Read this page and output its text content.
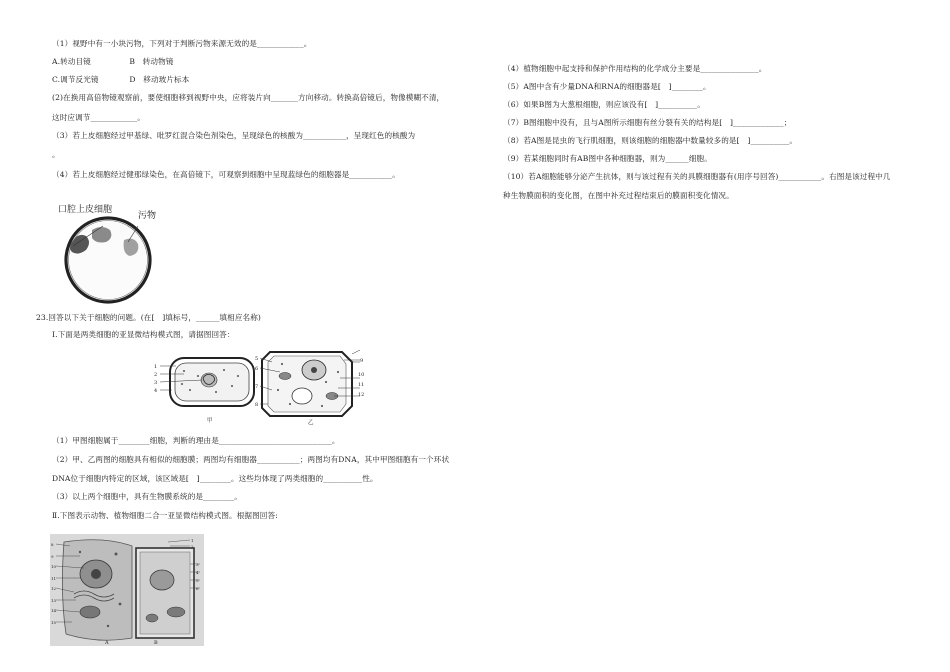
（1）视野中有一小块污物，下列对于判断污物来源无效的是____________。
A.转动目镜　　　　　B　转动物镜
C.调节反光镜　　　　D　移动玻片标本
(2)在换用高倍物镜观察前，要使细胞移到视野中央，应将装片向_______方向移动。转换高倍镜后，物像模糊不清，
这时应调节____________。
（3）若上皮细胞经过甲基绿、吡罗红混合染色剂染色，呈现绿色的核酸为___________，呈现红色的核酸为
。
（4）若上皮细胞经过健那绿染色，在高倍镜下，可观察到细胞中呈现蓝绿色的细胞器是___________。
口腔上皮细胞
污物
23.回答以下关于细胞的问题。(在[　]填标号，______填相应名称)
Ⅰ.下面是两类细胞的亚显微结构模式图，请据图回答：
1
2
3
4
甲
5
6
7
8
9
10
11
12
乙
（1）甲图细胞属于________细胞，判断的理由是_____________________________。
（2）甲、乙两图的细胞具有相似的细胞膜；两图均有细胞器___________；两图均有DNA，其中甲图细胞有一个环状
DNA位于细胞内特定的区域，该区域是[　]________。这些均体现了两类细胞的__________性。
（3）以上两个细胞中，具有生物膜系统的是________。
Ⅱ.下图表示动物、植物细胞二合一亚显微结构模式图。根据图回答:
8
9
10
11
12
13
14
15
1
2
3
4
5
6
A	B
（4）植物细胞中起支持和保护作用结构的化学成分主要是_______________。
（5）A图中含有少量DNA和RNA的细胞器是[　]________。
（6）如果B图为大葱根细胞，则应该没有[　]__________。
（7）B图细胞中没有，且与A图所示细胞有丝分裂有关的结构是[　]_____________；
（8）若A图是昆虫的飞行肌细胞，则该细胞的细胞器中数量较多的是[　]__________。
（9）若某细胞同时有AB图中各种细胞器，则为______细胞。
（10）若A细胞能够分泌产生抗体，则与该过程有关的具膜细胞器有(用序号回答)___________。右图是该过程中几
种生物膜面积的变化图，在图中补充过程结束后的膜面积变化情况。
